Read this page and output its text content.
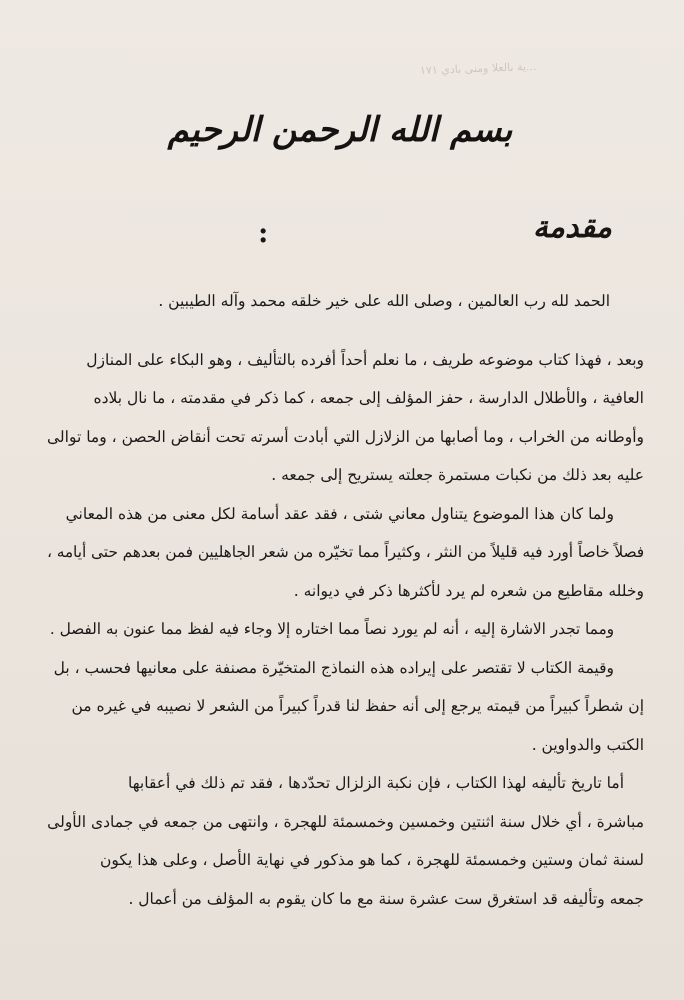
...ية بالعلا ومنى بادي ١٧١
بسم الله الرحمن الرحيم
مقدمة
:
الحمد لله رب العالمين ، وصلى الله على خير خلقه محمد وآله الطيبين .
وبعد ، فهذا كتاب موضوعه طريف ، ما نعلم أحداً أفرده بالتأليف ، وهو البكاء على المنازل
العافية ، والأطلال الدارسة ، حفز المؤلف إلى جمعه ، كما ذكر في مقدمته ، ما نال بلاده
وأوطانه من الخراب ، وما أصابها من الزلازل التي أبادت أسرته تحت أنقاض الحصن ، وما توالى
عليه بعد ذلك من نكبات مستمرة جعلته يستريح إلى جمعه .
ولما كان هذا الموضوع يتناول معاني شتى ، فقد عقد أسامة لكل معنى من هذه المعاني
فصلاً خاصاً أورد فيه قليلاً من النثر ، وكثيراً مما تخيّره من شعر الجاهليين فمن بعدهم حتى أيامه ،
وخلله مقاطيع من شعره لم يرد لأكثرها ذكر في ديوانه .
ومما تجدر الاشارة إليه ، أنه لم يورد نصاً مما اختاره إلا وجاء فيه لفظ مما عنون به الفصل .
وقيمة الكتاب لا تقتصر على إيراده هذه النماذج المتخيّرة مصنفة على معانيها فحسب ، بل
إن شطراً كبيراً من قيمته يرجع إلى أنه حفظ لنا قدراً كبيراً من الشعر لا نصيبه في غيره من
الكتب والدواوين .
أما تاريخ تأليفه لهذا الكتاب ، فإن نكبة الزلزال تحدّدها ، فقد تم ذلك في أعقابها
مباشرة ، أي خلال سنة اثنتين وخمسين وخمسمئة للهجرة ، وانتهى من جمعه في جمادى الأولى
لسنة ثمان وستين وخمسمئة للهجرة ، كما هو مذكور في نهاية الأصل ، وعلى هذا يكون
جمعه وتأليفه قد استغرق ست عشرة سنة مع ما كان يقوم به المؤلف من أعمال .
